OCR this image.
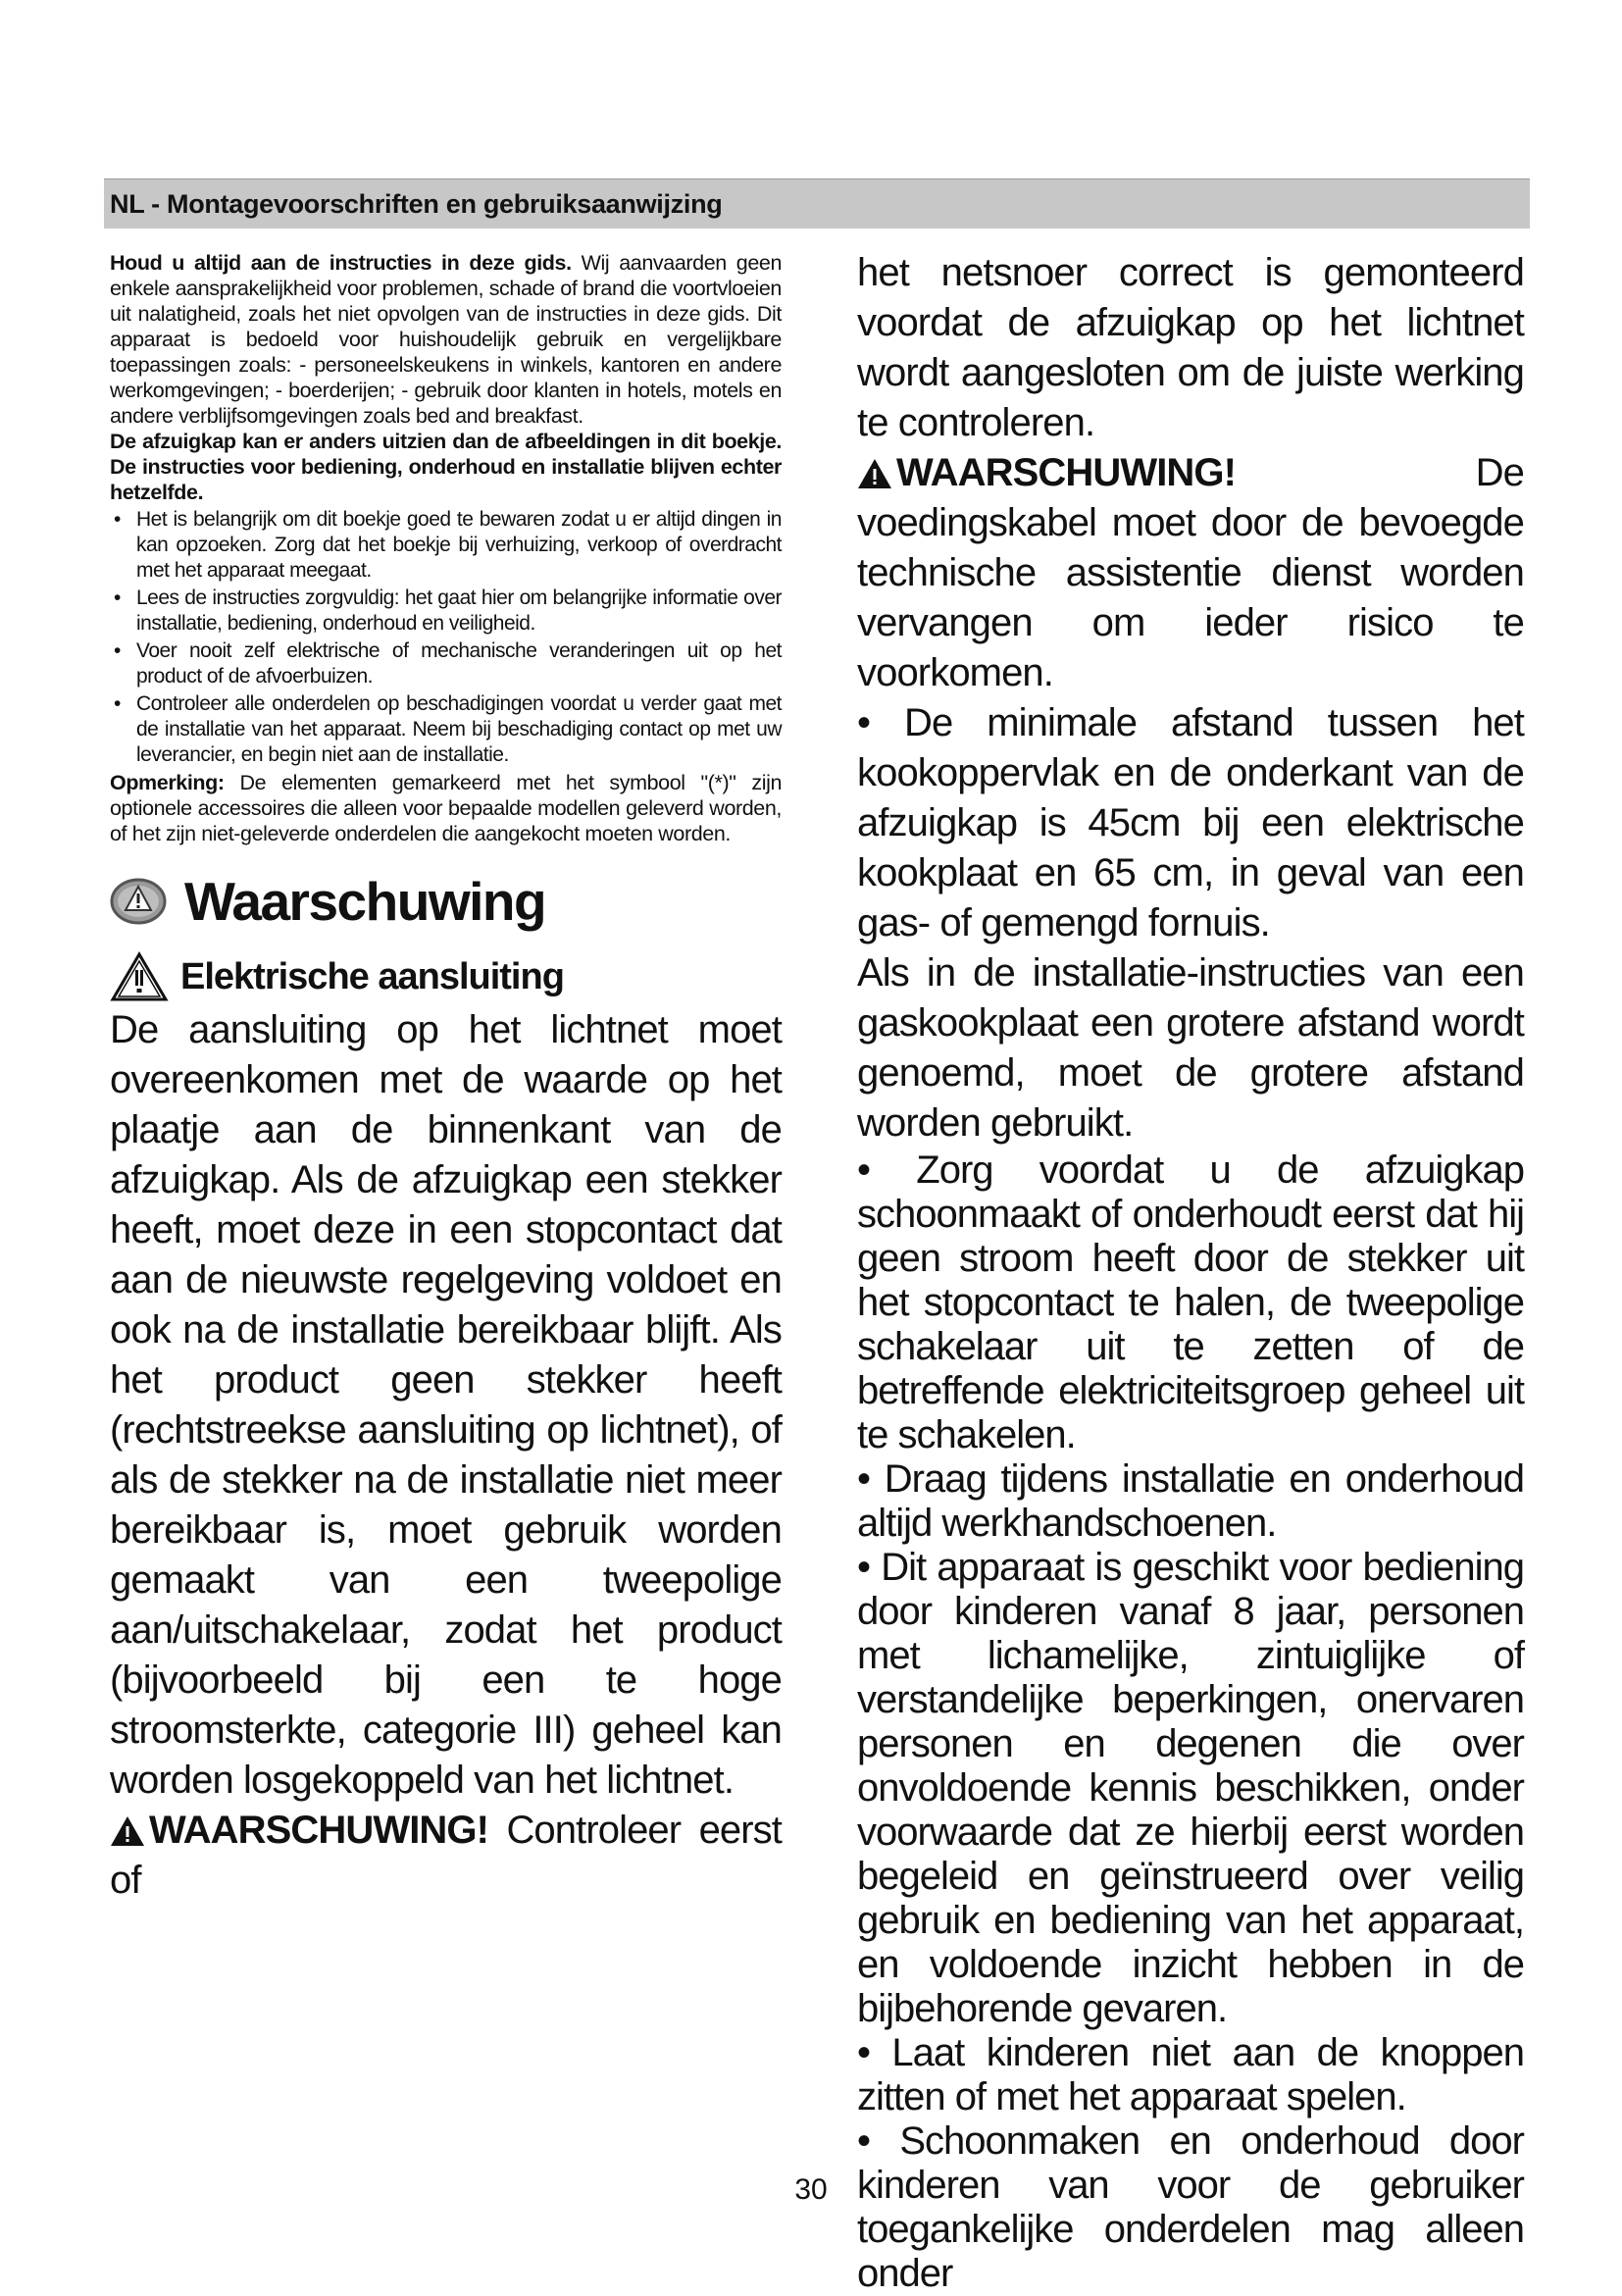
NL - Montagevoorschriften en gebruiksaanwijzing

Houd u altijd aan de instructies in deze gids. Wij aanvaarden geen enkele aansprakelijkheid voor problemen, schade of brand die voortvloeien uit nalatigheid, zoals het niet opvolgen van de instructies in deze gids. Dit apparaat is bedoeld voor huishoudelijk gebruik en vergelijkbare toepassingen zoals: - personeelskeukens in winkels, kantoren en andere werkomgevingen; - boerderijen; - gebruik door klanten in hotels, motels en andere verblijfsomgevingen zoals bed and breakfast.

De afzuigkap kan er anders uitzien dan de afbeeldingen in dit boekje. De instructies voor bediening, onderhoud en installatie blijven echter hetzelfde.

• Het is belangrijk om dit boekje goed te bewaren zodat u er altijd dingen in kan opzoeken. Zorg dat het boekje bij verhuizing, verkoop of overdracht met het apparaat meegaat.
• Lees de instructies zorgvuldig: het gaat hier om belangrijke informatie over installatie, bediening, onderhoud en veiligheid.
• Voer nooit zelf elektrische of mechanische veranderingen uit op het product of de afvoerbuizen.
• Controleer alle onderdelen op beschadigingen voordat u verder gaat met de installatie van het apparaat. Neem bij beschadiging contact op met uw leverancier, en begin niet aan de installatie.

Opmerking: De elementen gemarkeerd met het symbool "(*)" zijn optionele accessoires die alleen voor bepaalde modellen geleverd worden, of het zijn niet-geleverde onderdelen die aangekocht moeten worden.

Waarschuwing
Elektrische aansluiting

De aansluiting op het lichtnet moet overeenkomen met de waarde op het plaatje aan de binnenkant van de afzuigkap. Als de afzuigkap een stekker heeft, moet deze in een stopcontact dat aan de nieuwste regelgeving voldoet en ook na de installatie bereikbaar blijft. Als het product geen stekker heeft (rechtstreekse aansluiting op lichtnet), of als de stekker na de installatie niet meer bereikbaar is, moet gebruik worden gemaakt van een tweepolige aan/uitschakelaar, zodat het product (bijvoorbeeld bij een te hoge stroomsterkte, categorie III) geheel kan worden losgekoppeld van het lichtnet.

WAARSCHUWING! Controleer eerst of

het netsnoer correct is gemonteerd voordat de afzuigkap op het lichtnet wordt aangesloten om de juiste werking te controleren.

WAARSCHUWING!	De voedingskabel moet door de bevoegde technische assistentie dienst worden vervangen om ieder risico te voorkomen.

• De minimale afstand tussen het kookoppervlak en de onderkant van de afzuigkap is 45cm bij een elektrische kookplaat en 65 cm, in geval van een gas- of gemengd fornuis.

Als in de installatie-instructies van een gaskookplaat een grotere afstand wordt genoemd, moet de grotere afstand worden gebruikt.

• Zorg voordat u de afzuigkap schoonmaakt of onderhoudt eerst dat hij geen stroom heeft door de stekker uit het stopcontact te halen, de tweepolige schakelaar uit te zetten of de betreffende elektriciteitsgroep geheel uit te schakelen.

• Draag tijdens installatie en onderhoud altijd werkhandschoenen.

• Dit apparaat is geschikt voor bediening door kinderen vanaf 8 jaar, personen met lichamelijke, zintuiglijke of verstandelijke beperkingen, onervaren personen en degenen die over onvoldoende kennis beschikken, onder voorwaarde dat ze hierbij eerst worden begeleid en geïnstrueerd over veilig gebruik en bediening van het apparaat, en voldoende inzicht hebben in de bijbehorende gevaren.

• Laat kinderen niet aan de knoppen zitten of met het apparaat spelen.

• Schoonmaken en onderhoud door kinderen van voor de gebruiker toegankelijke onderdelen mag alleen onder

30
